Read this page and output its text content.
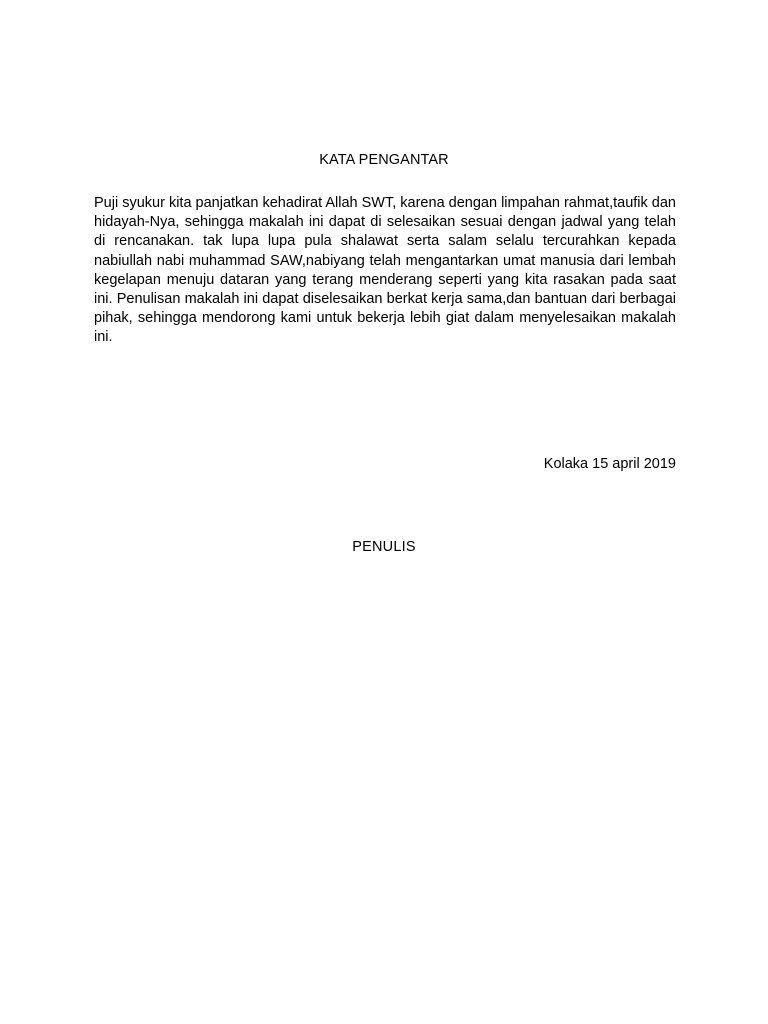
KATA PENGANTAR
Puji syukur kita panjatkan kehadirat Allah SWT, karena dengan limpahan rahmat,taufik dan hidayah-Nya, sehingga makalah ini dapat di selesaikan sesuai dengan jadwal yang telah di rencanakan. tak lupa lupa pula shalawat serta salam selalu tercurahkan kepada nabiullah nabi muhammad SAW,nabiyang telah mengantarkan umat manusia dari lembah kegelapan menuju dataran yang terang menderang seperti yang kita rasakan pada saat ini. Penulisan makalah ini dapat diselesaikan berkat kerja sama,dan bantuan dari berbagai pihak, sehingga mendorong kami untuk bekerja lebih giat dalam menyelesaikan makalah ini.
Kolaka 15 april 2019
PENULIS
